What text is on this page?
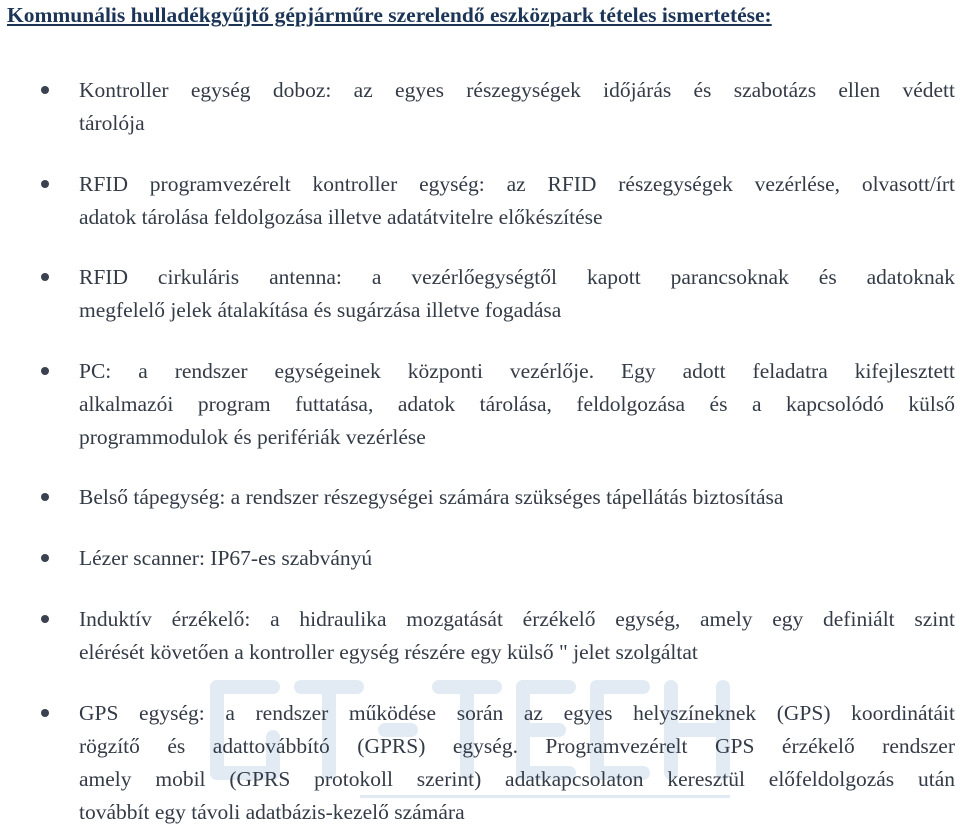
Kommunális hulladékgyűjtő gépjárműre szerelendő eszközpark tételes ismertetése:
Kontroller egység doboz: az egyes részegységek időjárás és szabotázs ellen védett
tárolója
RFID programvezérelt kontroller egység: az RFID részegységek vezérlése, olvasott/írt
adatok tárolása feldolgozása illetve adatátvitelre előkészítése
RFID cirkuláris antenna: a vezérlőegységtől kapott parancsoknak és adatoknak
megfelelő jelek átalakítása és sugárzása illetve fogadása
PC: a rendszer egységeinek központi vezérlője. Egy adott feladatra kifejlesztett
alkalmazói program futtatása, adatok tárolása, feldolgozása és a kapcsolódó külső
programmodulok és perifériák vezérlése
Belső tápegység: a rendszer részegységei számára szükséges tápellátás biztosítása
Lézer scanner: IP67-es szabványú
Induktív érzékelő: a hidraulika mozgatását érzékelő egység, amely egy definiált szint
elérését követően a kontroller egység részére egy külső " jelet szolgáltat
GPS egység: a rendszer működése során az egyes helyszíneknek (GPS) koordinátáit
rögzítő és adattovábbító (GPRS) egység. Programvezérelt GPS érzékelő rendszer
amely mobil (GPRS protokoll szerint) adatkapcsolaton keresztül előfeldolgozás után
továbbít egy távoli adatbázis-kezelő számára
